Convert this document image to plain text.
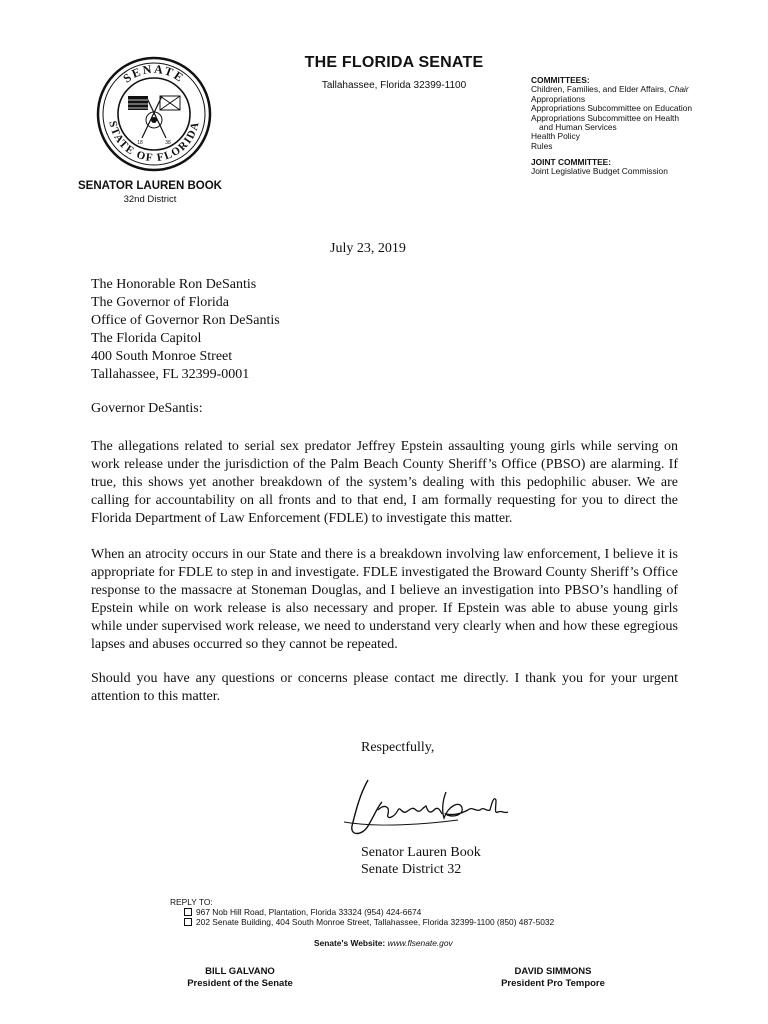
SENATE
STATE OF FLORIDA
18	38
THE FLORIDA SENATE
Tallahassee, Florida 32399-1100	COMMITTEES:
Children, Families, and Elder Affairs, Chair
Appropriations
Appropriations Subcommittee on Education
Appropriations Subcommittee on Health
and Human Services
Health Policy
Rules
JOINT COMMITTEE:
Joint Legislative Budget Commission
SENATOR LAUREN BOOK
32nd District
July 23, 2019
The Honorable Ron DeSantis
The Governor of Florida
Office of Governor Ron DeSantis
The Florida Capitol
400 South Monroe Street
Tallahassee, FL 32399-0001
Governor DeSantis:
The allegations related to serial sex predator Jeffrey Epstein assaulting young girls while serving on work release under the jurisdiction of the Palm Beach County Sheriff’s Office (PBSO) are alarming. If true, this shows yet another breakdown of the system’s dealing with this pedophilic abuser. We are calling for accountability on all fronts and to that end, I am formally requesting for you to direct the Florida Department of Law Enforcement (FDLE) to investigate this matter.
When an atrocity occurs in our State and there is a breakdown involving law enforcement, I believe it is appropriate for FDLE to step in and investigate. FDLE investigated the Broward County Sheriff’s Office response to the massacre at Stoneman Douglas, and I believe an investigation into PBSO’s handling of Epstein while on work release is also necessary and proper. If Epstein was able to abuse young girls while under supervised work release, we need to understand very clearly when and how these egregious lapses and abuses occurred so they cannot be repeated.
Should you have any questions or concerns please contact me directly. I thank you for your urgent attention to this matter.
Respectfully,
Senator Lauren Book
Senate District 32
REPLY TO:
967 Nob Hill Road, Plantation, Florida 33324 (954) 424-6674
202 Senate Building, 404 South Monroe Street, Tallahassee, Florida 32399-1100 (850) 487-5032
Senate's Website: www.flsenate.gov
BILL GALVANO
President of the Senate
DAVID SIMMONS
President Pro Tempore
